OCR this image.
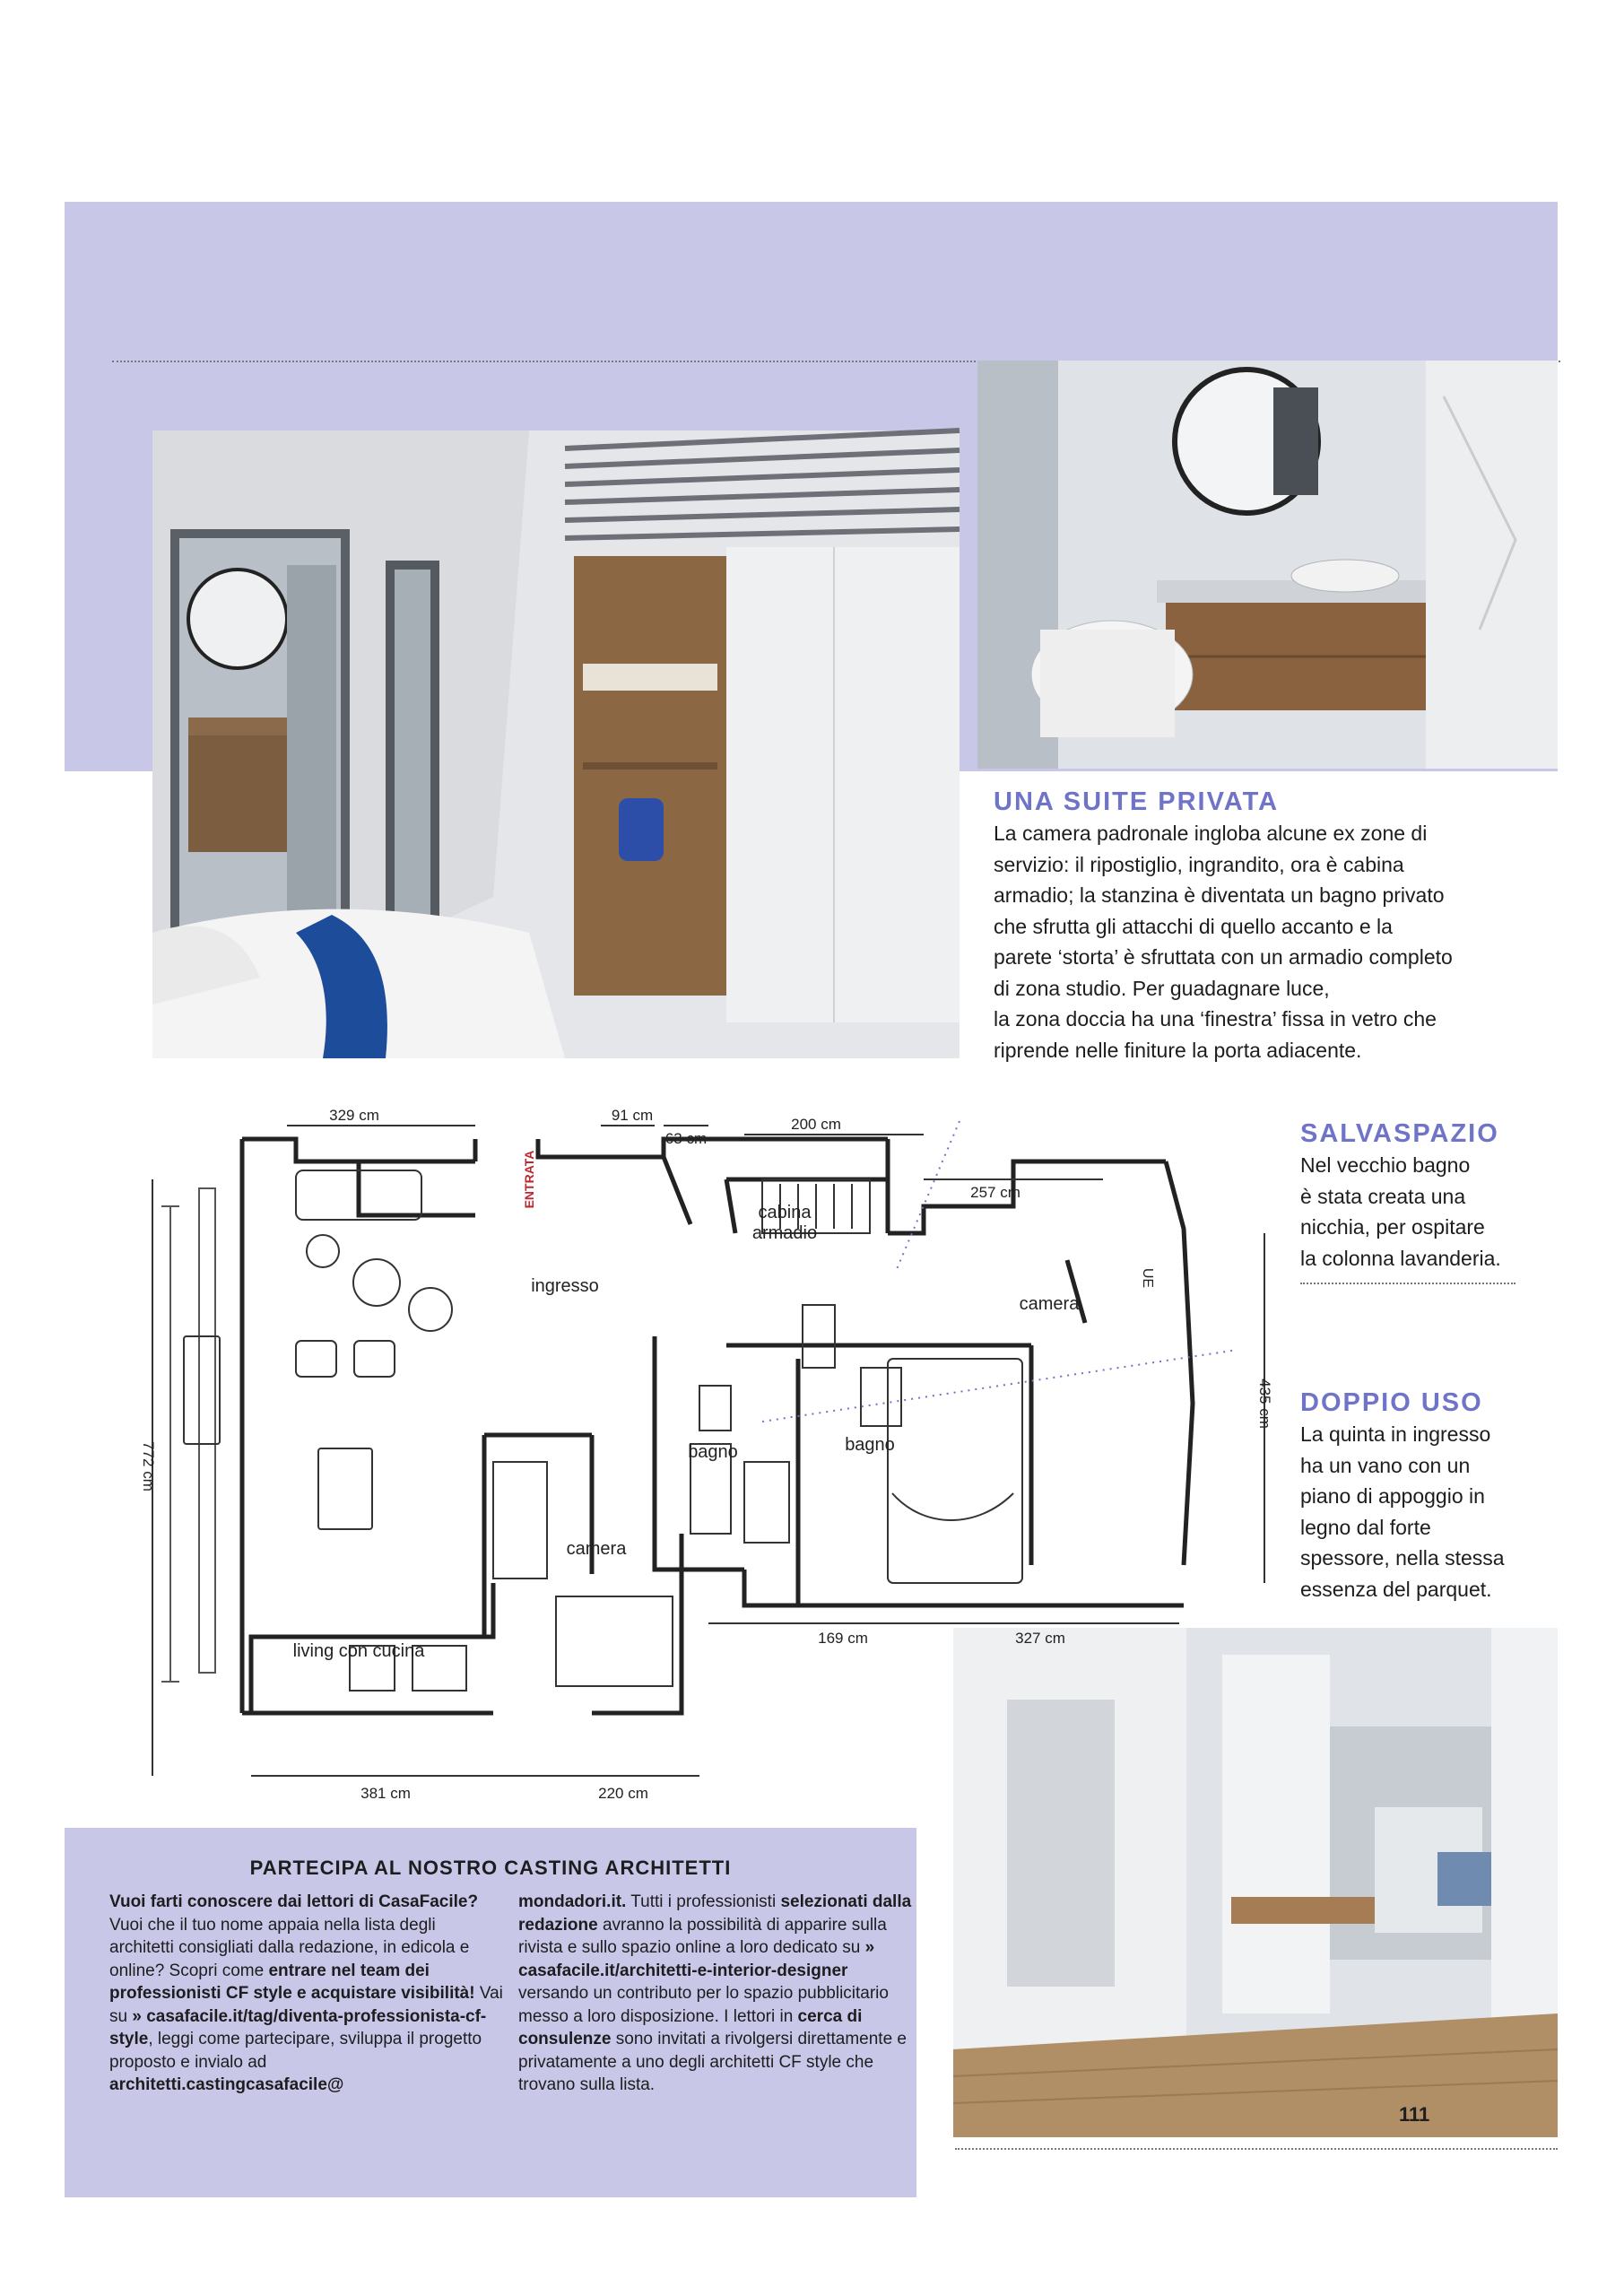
UNA SUITE PRIVATA
La camera padronale ingloba alcune ex zone di
servizio: il ripostiglio, ingrandito, ora è cabina
armadio; la stanzina è diventata un bagno privato
che sfrutta gli attacchi di quello accanto e la
parete ‘storta’ è sfruttata con un armadio completo
di zona studio. Per guadagnare luce,
la zona doccia ha una ‘finestra’ fissa in vetro che
riprende nelle finiture la porta adiacente.
SALVASPAZIO
Nel vecchio bagno
è stata creata una
nicchia, per ospitare
la colonna lavanderia.
DOPPIO USO
La quinta in ingresso
ha un vano con un
piano di appoggio in
legno dal forte
spessore, nella stessa
essenza del parquet.
329 cm	91 cm
63 cm
200 cm
257 cm
435 cm
772 cm
169 cm	327 cm
381 cm	220 cm
ENTRATA
cabina
armadio
ingresso
camera
bagno	bagno
camera
living con cucina
UE
PARTECIPA AL NOSTRO CASTING ARCHITETTI
Vuoi farti conoscere dai lettori di CasaFacile? Vuoi che il tuo nome appaia nella lista degli architetti consigliati dalla redazione, in edicola e online? Scopri come entrare nel team dei professionisti CF style e acquistare visibilità! Vai su » casafacile.it/tag/diventa-professionista-cf-style, leggi come partecipare, sviluppa il progetto proposto e invialo ad architetti.castingcasafacile@
mondadori.it. Tutti i professionisti selezionati dalla redazione avranno la possibilità di apparire sulla rivista e sullo spazio online a loro dedicato su » casafacile.it/architetti-e-interior-designer versando un contributo per lo spazio pubblicitario messo a loro disposizione. I lettori in cerca di consulenze sono invitati a rivolgersi direttamente e privatamente a uno degli architetti CF style che trovano sulla lista.
111
